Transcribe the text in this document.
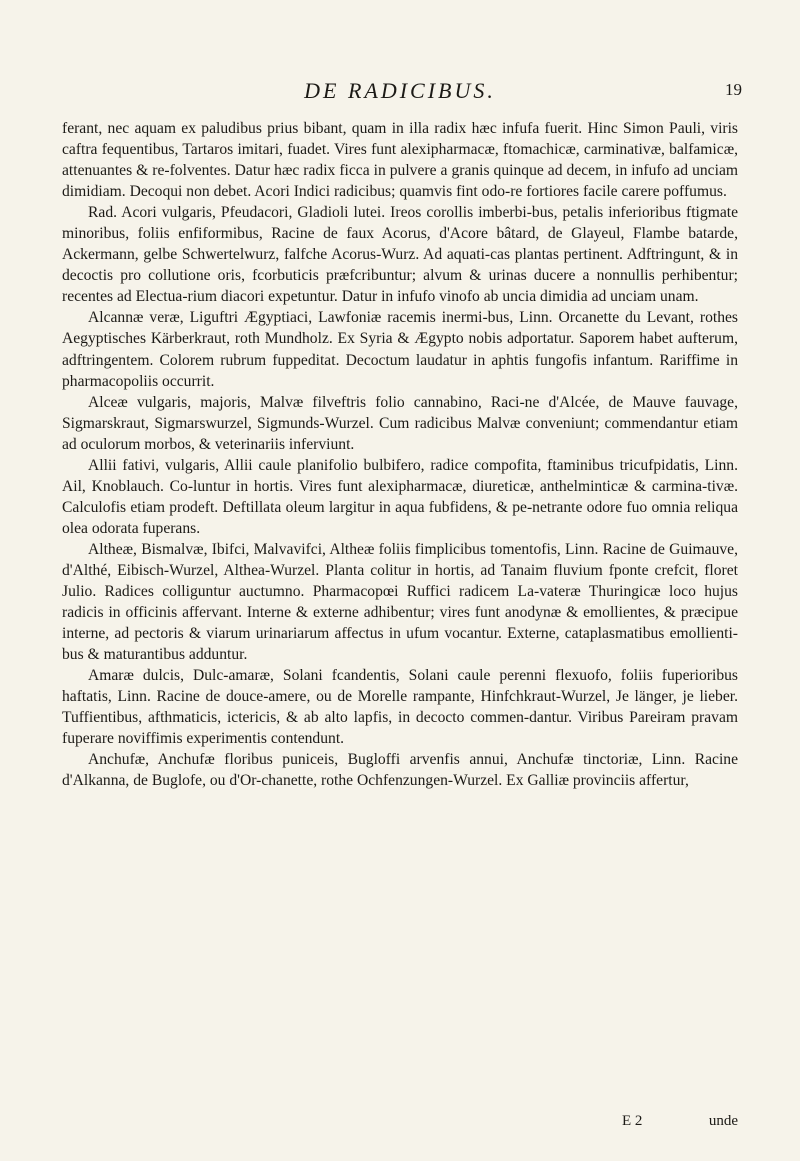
DE RADICIBUS.	19

ferant, nec aquam ex paludibus prius bibant, quam in illa radix hæc infufa fuerit. Hinc Simon Pauli, viris caftra fequentibus, Tartaros imitari, fuadet. Vires funt alexipharmacæ, ftomachicæ, carminativæ, balfamicæ, attenuantes & re-folventes. Datur hæc radix ficca in pulvere a granis quinque ad decem, in infufo ad unciam dimidiam. Decoqui non debet. Acori Indici radicibus; quamvis fint odo-re fortiores facile carere poffumus.

Rad. Acori vulgaris, Pfeudacori, Gladioli lutei. Ireos corollis imberbi-bus, petalis inferioribus ftigmate minoribus, foliis enfiformibus, Racine de faux Acorus, d'Acore bâtard, de Glayeul, Flambe batarde, Ackermann, gelbe Schwertelwurz, falfche Acorus-Wurz. Ad aquati-cas plantas pertinent. Adftringunt, & in decoctis pro collutione oris, fcorbuticis præfcribuntur; alvum & urinas ducere a nonnullis perhibentur; recentes ad Electua-rium diacori expetuntur. Datur in infufo vinofo ab uncia dimidia ad unciam unam.

Alcannæ veræ, Liguftri Ægyptiaci, Lawfoniæ racemis inermi-bus, Linn. Orcanette du Levant, rothes Aegyptisches Kärberkraut, roth Mundholz. Ex Syria & Ægypto nobis adportatur. Saporem habet aufterum, adftringentem. Colorem rubrum fuppeditat. Decoctum laudatur in aphtis fungofis infantum. Rariffime in pharmacopoliis occurrit.

Alceæ vulgaris, majoris, Malvæ filveftris folio cannabino, Raci-ne d'Alcée, de Mauve fauvage, Sigmarskraut, Sigmarswurzel, Sigmunds-Wurzel. Cum radicibus Malvæ conveniunt; commendantur etiam ad oculorum morbos, & veterinariis inferviunt.

Allii fativi, vulgaris, Allii caule planifolio bulbifero, radice compofita, ftaminibus tricufpidatis, Linn. Ail, Knoblauch. Co-luntur in hortis. Vires funt alexipharmacæ, diureticæ, anthelminticæ & carmina-tivæ. Calculofis etiam prodeft. Deftillata oleum largitur in aqua fubfidens, & pe-netrante odore fuo omnia reliqua olea odorata fuperans.

Altheæ, Bismalvæ, Ibifci, Malvavifci, Altheæ foliis fimplicibus tomentofis, Linn. Racine de Guimauve, d'Althé, Eibisch-Wurzel, Althea-Wurzel. Planta colitur in hortis, ad Tanaim fluvium fponte crefcit, floret Julio. Radices colliguntur auctumno. Pharmacopœi Ruffici radicem La-vateræ Thuringicæ loco hujus radicis in officinis affervant. Interne & externe adhibentur; vires funt anodynæ & emollientes, & præcipue interne, ad pectoris & viarum urinariarum affectus in ufum vocantur. Externe, cataplasmatibus emollienti-bus & maturantibus adduntur.

Amaræ dulcis, Dulc-amaræ, Solani fcandentis, Solani caule perenni flexuofo, foliis fuperioribus haftatis, Linn. Racine de douce-amere, ou de Morelle rampante, Hinfchkraut-Wurzel, Je länger, je lieber. Tuffientibus, afthmaticis, ictericis, & ab alto lapfis, in decocto commen-dantur. Viribus Pareiram pravam fuperare noviffimis experimentis contendunt.

Anchufæ, Anchufæ floribus puniceis, Bugloffi arvenfis annui, Anchufæ tinctoriæ, Linn. Racine d'Alkanna, de Buglofe, ou d'Or-chanette, rothe Ochfenzungen-Wurzel. Ex Galliæ provinciis affertur,

E 2	unde
